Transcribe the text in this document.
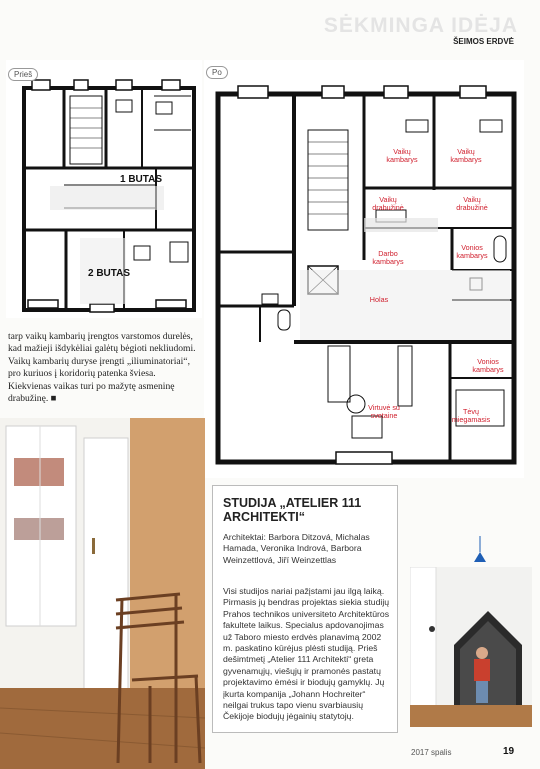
SĖKMINGA IDĖJA
ŠEIMOS ERDVĖ
1 BUTAS
2 BUTAS
Prieš
Vaikų kambarys
Vaikų kambarys
Vaikų drabužinė
Vaikų drabužinė
Darbo kambarys
Vonios kambarys
Holas
Vonios kambarys
Virtuvė su svetaine	Tėvų miegamasis
Po
tarp vaikų kambarių įrengtos varstomos durelės, kad mažieji išdykėliai galėtų bėgioti nekliudomi. Vaikų kambarių duryse įrengti „iliuminatoriai“, pro kuriuos į koridorių patenka šviesa. Kiekvienas vaikas turi po mažytę asmeninę drabužinę. ■
STUDIJA „ATELIER 111 ARCHITEKTI“
Architektai: Barbora Ditzová, Michalas Hamada, Veronika Indrová, Barbora Weinzettlová, Jiří Weinzettlas
Visi studijos nariai pažįstami jau ilgą laiką. Pirmasis jų bendras projektas siekia studijų Prahos technikos universiteto Architektūros fakultete laikus. Specialus apdovanojimas už Taboro miesto erdvės planavimą 2002 m. paskatino kūrėjus plėsti studiją. Prieš dešimtmetį „Atelier 111 Architekti“ greta gyvenamųjų, viešųjų ir pramonės pastatų projektavimo ėmėsi ir biodujų gamyklų. Jų įkurta kompanija „Johann Hochreiter“ neilgai trukus tapo vienu svarbiausių Čekijoje biodujų jėgainių statytojų.
2017 spalis	19
